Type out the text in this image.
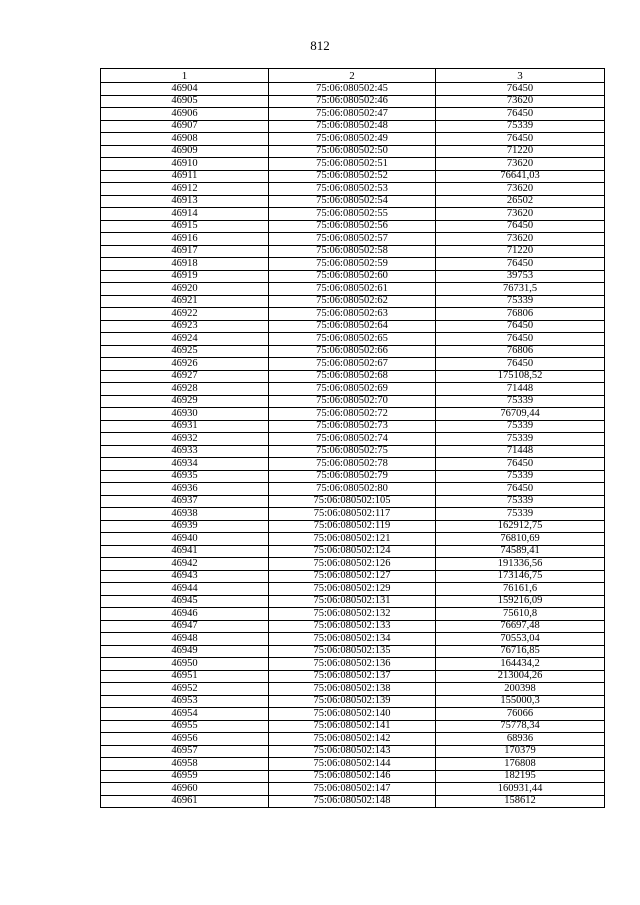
812
1	2	3
46904	75:06:080502:45	76450
46905	75:06:080502:46	73620
46906	75:06:080502:47	76450
46907	75:06:080502:48	75339
46908	75:06:080502:49	76450
46909	75:06:080502:50	71220
46910	75:06:080502:51	73620
46911	75:06:080502:52	76641,03
46912	75:06:080502:53	73620
46913	75:06:080502:54	26502
46914	75:06:080502:55	73620
46915	75:06:080502:56	76450
46916	75:06:080502:57	73620
46917	75:06:080502:58	71220
46918	75:06:080502:59	76450
46919	75:06:080502:60	39753
46920	75:06:080502:61	76731,5
46921	75:06:080502:62	75339
46922	75:06:080502:63	76806
46923	75:06:080502:64	76450
46924	75:06:080502:65	76450
46925	75:06:080502:66	76806
46926	75:06:080502:67	76450
46927	75:06:080502:68	175108,52
46928	75:06:080502:69	71448
46929	75:06:080502:70	75339
46930	75:06:080502:72	76709,44
46931	75:06:080502:73	75339
46932	75:06:080502:74	75339
46933	75:06:080502:75	71448
46934	75:06:080502:78	76450
46935	75:06:080502:79	75339
46936	75:06:080502:80	76450
46937	75:06:080502:105	75339
46938	75:06:080502:117	75339
46939	75:06:080502:119	162912,75
46940	75:06:080502:121	76810,69
46941	75:06:080502:124	74589,41
46942	75:06:080502:126	191336,56
46943	75:06:080502:127	173146,75
46944	75:06:080502:129	76161,6
46945	75:06:080502:131	159216,09
46946	75:06:080502:132	75610,8
46947	75:06:080502:133	76697,48
46948	75:06:080502:134	70553,04
46949	75:06:080502:135	76716,85
46950	75:06:080502:136	164434,2
46951	75:06:080502:137	213004,26
46952	75:06:080502:138	200398
46953	75:06:080502:139	155000,3
46954	75:06:080502:140	76066
46955	75:06:080502:141	75778,34
46956	75:06:080502:142	68936
46957	75:06:080502:143	170379
46958	75:06:080502:144	176808
46959	75:06:080502:146	182195
46960	75:06:080502:147	160931,44
46961	75:06:080502:148	158612
